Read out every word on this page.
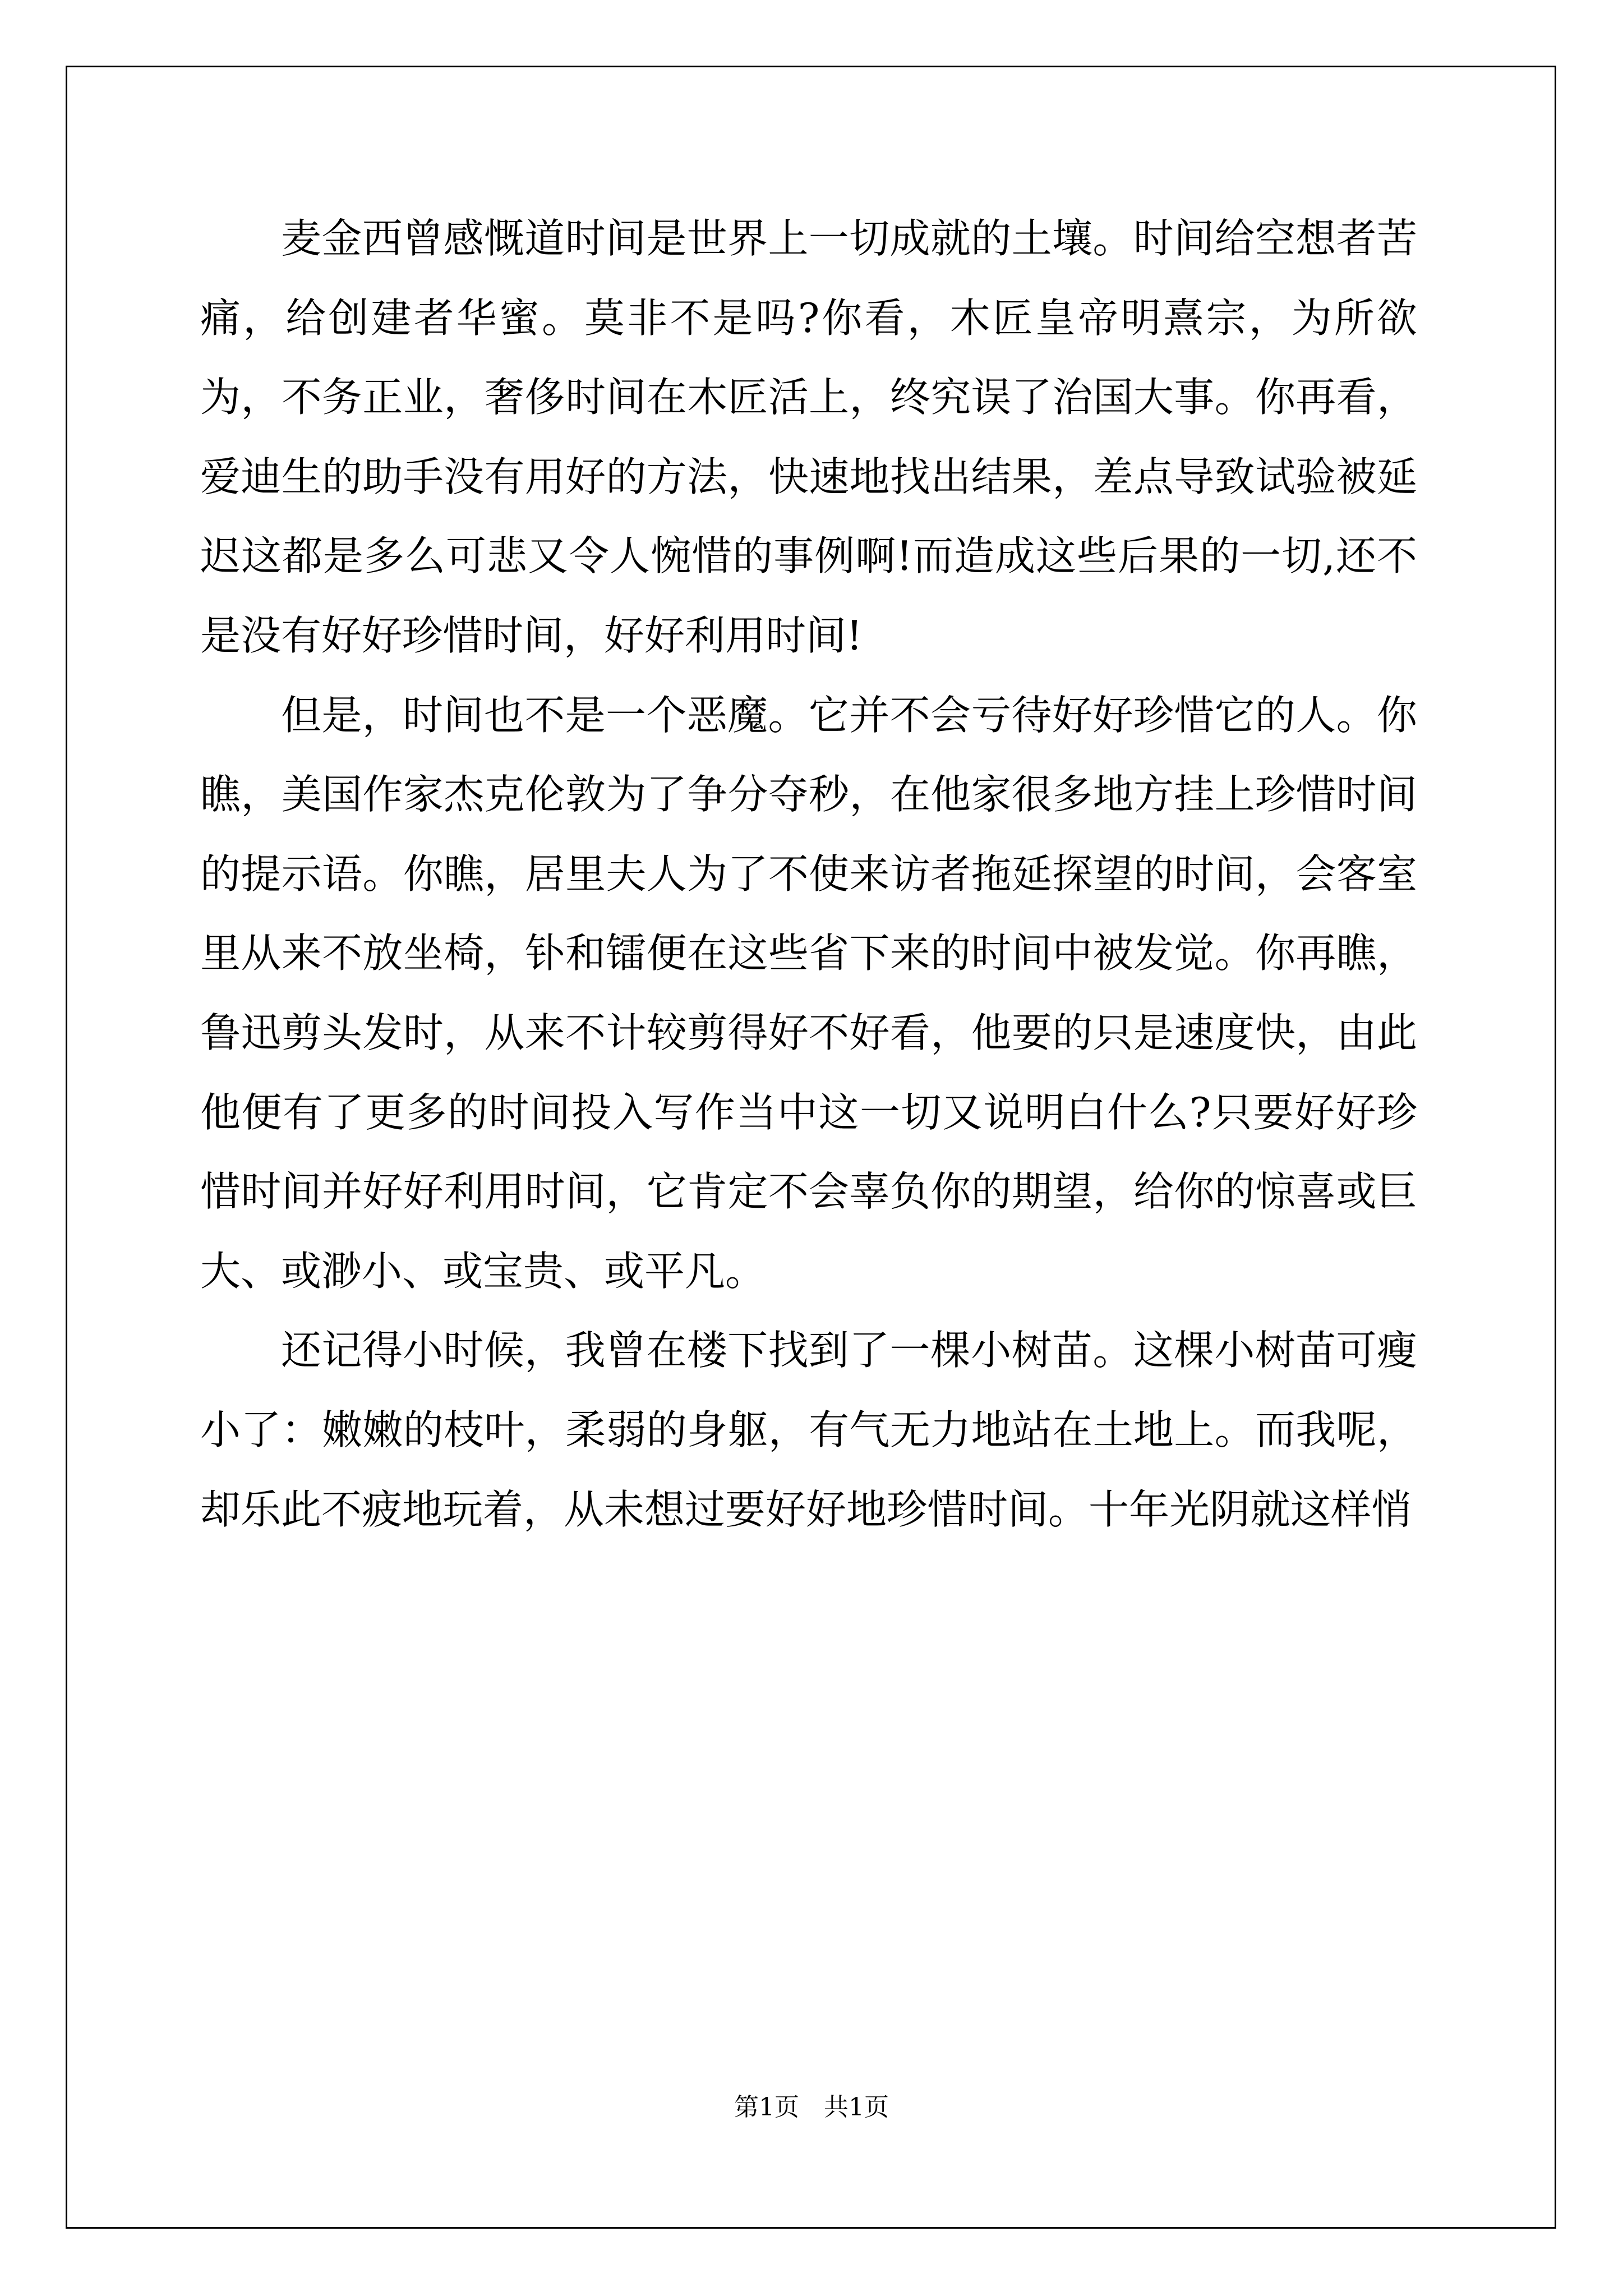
麦金西曾感慨道时间是世界上一切成就的土壤。时间给空想者苦痛，给创建者华蜜。莫非不是吗?你看，木匠皇帝明熹宗，为所欲为，不务正业，奢侈时间在木匠活上，终究误了治国大事。你再看，爱迪生的助手没有用好的方法，快速地找出结果，差点导致试验被延迟这都是多么可悲又令人惋惜的事例啊!而造成这些后果的一切,还不是没有好好珍惜时间，好好利用时间!

但是，时间也不是一个恶魔。它并不会亏待好好珍惜它的人。你瞧，美国作家杰克伦敦为了争分夺秒，在他家很多地方挂上珍惜时间的提示语。你瞧，居里夫人为了不使来访者拖延探望的时间，会客室里从来不放坐椅，钋和镭便在这些省下来的时间中被发觉。你再瞧，鲁迅剪头发时，从来不计较剪得好不好看，他要的只是速度快，由此他便有了更多的时间投入写作当中这一切又说明白什么?只要好好珍惜时间并好好利用时间，它肯定不会辜负你的期望，给你的惊喜或巨大、或渺小、或宝贵、或平凡。

还记得小时候，我曾在楼下找到了一棵小树苗。这棵小树苗可瘦小了：嫩嫩的枝叶，柔弱的身躯，有气无力地站在土地上。而我呢，却乐此不疲地玩着，从未想过要好好地珍惜时间。十年光阴就这样悄

第1页　共1页
